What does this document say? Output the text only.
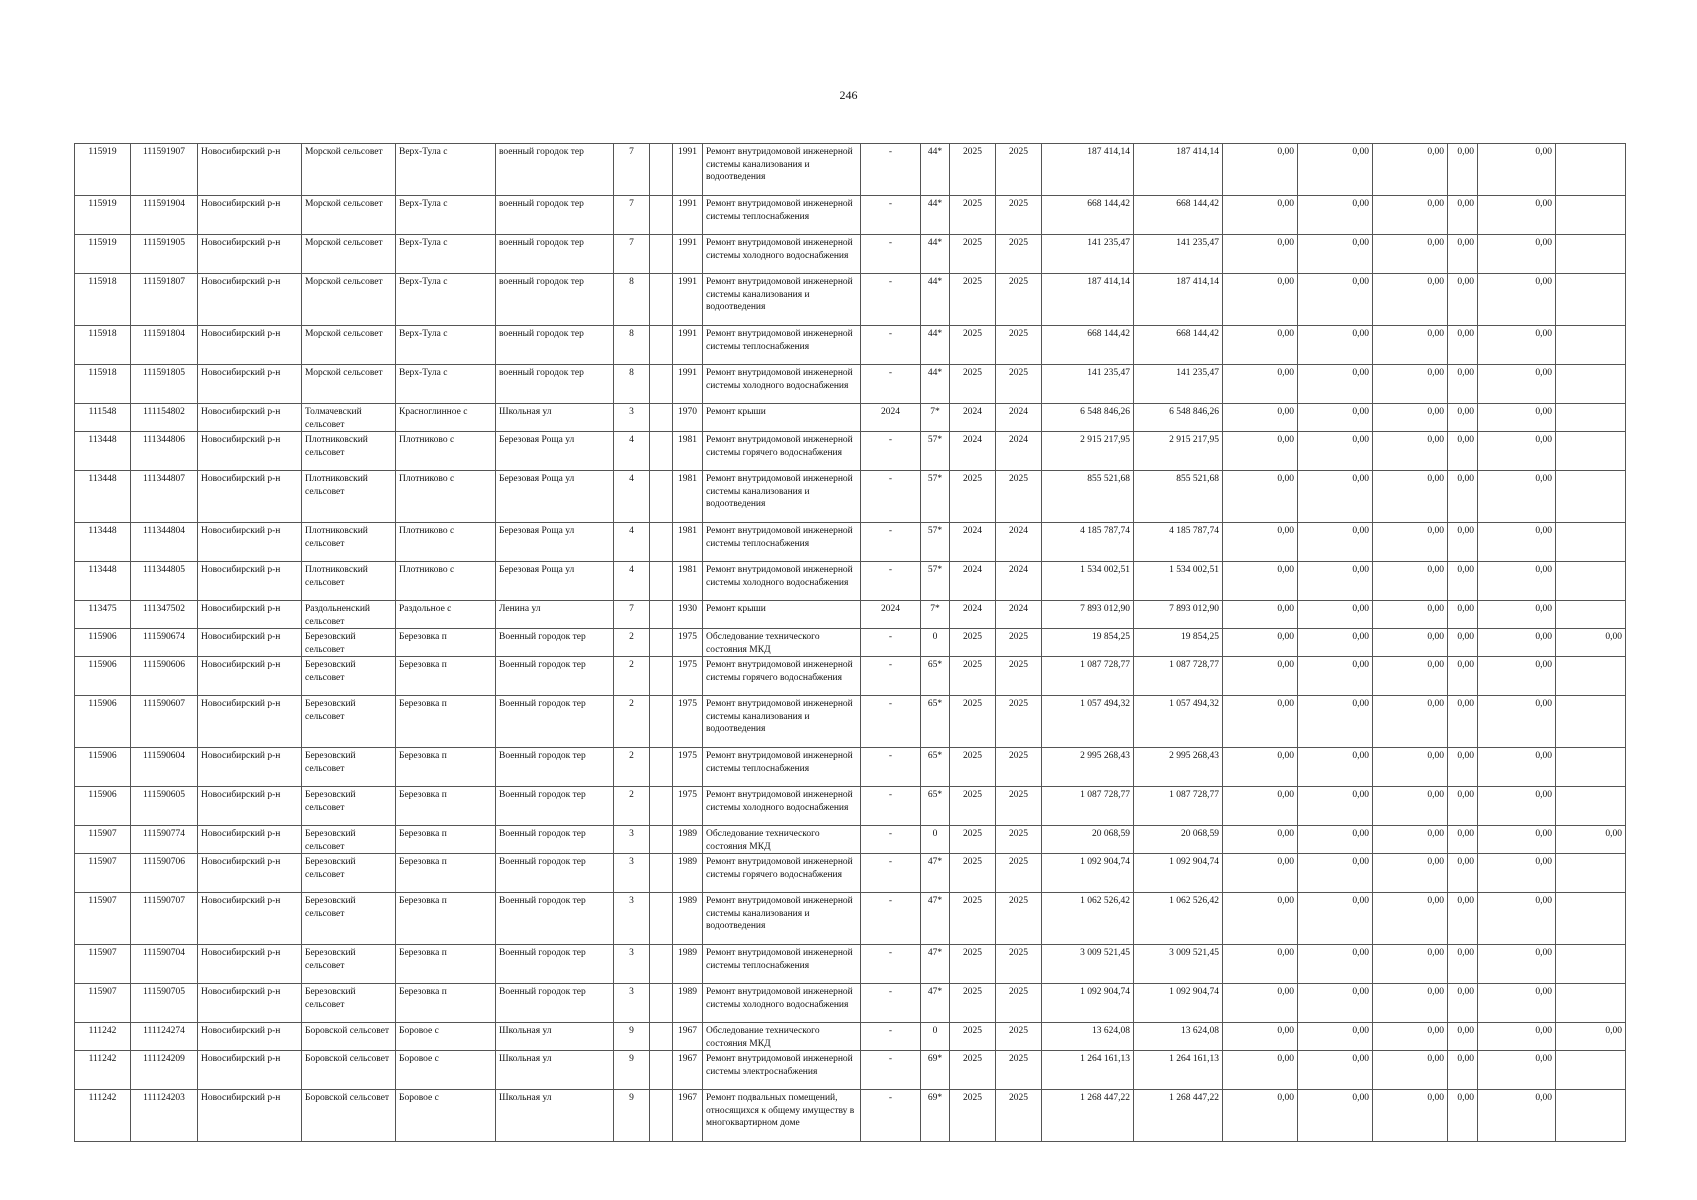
246
115919	111591907	Новосибирский р-н	Морской сельсовет	Верх-Тула с	военный городок тер	7		1991	Ремонт внутридомовой инженерной системы канализования и водоотведения	-	44*	2025	2025	187 414,14	187 414,14	0,00	0,00	0,00	0,00	0,00	
115919	111591904	Новосибирский р-н	Морской сельсовет	Верх-Тула с	военный городок тер	7		1991	Ремонт внутридомовой инженерной системы теплоснабжения	-	44*	2025	2025	668 144,42	668 144,42	0,00	0,00	0,00	0,00	0,00	
115919	111591905	Новосибирский р-н	Морской сельсовет	Верх-Тула с	военный городок тер	7		1991	Ремонт внутридомовой инженерной системы холодного водоснабжения	-	44*	2025	2025	141 235,47	141 235,47	0,00	0,00	0,00	0,00	0,00	
115918	111591807	Новосибирский р-н	Морской сельсовет	Верх-Тула с	военный городок тер	8		1991	Ремонт внутридомовой инженерной системы канализования и водоотведения	-	44*	2025	2025	187 414,14	187 414,14	0,00	0,00	0,00	0,00	0,00	
115918	111591804	Новосибирский р-н	Морской сельсовет	Верх-Тула с	военный городок тер	8		1991	Ремонт внутридомовой инженерной системы теплоснабжения	-	44*	2025	2025	668 144,42	668 144,42	0,00	0,00	0,00	0,00	0,00	
115918	111591805	Новосибирский р-н	Морской сельсовет	Верх-Тула с	военный городок тер	8		1991	Ремонт внутридомовой инженерной системы холодного водоснабжения	-	44*	2025	2025	141 235,47	141 235,47	0,00	0,00	0,00	0,00	0,00	
111548	111154802	Новосибирский р-н	Толмачевский сельсовет	Красноглинное с	Школьная ул	3		1970	Ремонт крыши	2024	7*	2024	2024	6 548 846,26	6 548 846,26	0,00	0,00	0,00	0,00	0,00	
113448	111344806	Новосибирский р-н	Плотниковский сельсовет	Плотниково с	Березовая Роща ул	4		1981	Ремонт внутридомовой инженерной системы горячего водоснабжения	-	57*	2024	2024	2 915 217,95	2 915 217,95	0,00	0,00	0,00	0,00	0,00	
113448	111344807	Новосибирский р-н	Плотниковский сельсовет	Плотниково с	Березовая Роща ул	4		1981	Ремонт внутридомовой инженерной системы канализования и водоотведения	-	57*	2025	2025	855 521,68	855 521,68	0,00	0,00	0,00	0,00	0,00	
113448	111344804	Новосибирский р-н	Плотниковский сельсовет	Плотниково с	Березовая Роща ул	4		1981	Ремонт внутридомовой инженерной системы теплоснабжения	-	57*	2024	2024	4 185 787,74	4 185 787,74	0,00	0,00	0,00	0,00	0,00	
113448	111344805	Новосибирский р-н	Плотниковский сельсовет	Плотниково с	Березовая Роща ул	4		1981	Ремонт внутридомовой инженерной системы холодного водоснабжения	-	57*	2024	2024	1 534 002,51	1 534 002,51	0,00	0,00	0,00	0,00	0,00	
113475	111347502	Новосибирский р-н	Раздольненский сельсовет	Раздольное с	Ленина ул	7		1930	Ремонт крыши	2024	7*	2024	2024	7 893 012,90	7 893 012,90	0,00	0,00	0,00	0,00	0,00	
115906	111590674	Новосибирский р-н	Березовский сельсовет	Березовка п	Военный городок тер	2		1975	Обследование технического состояния МКД	-	0	2025	2025	19 854,25	19 854,25	0,00	0,00	0,00	0,00	0,00	0,00
115906	111590606	Новосибирский р-н	Березовский сельсовет	Березовка п	Военный городок тер	2		1975	Ремонт внутридомовой инженерной системы горячего водоснабжения	-	65*	2025	2025	1 087 728,77	1 087 728,77	0,00	0,00	0,00	0,00	0,00	
115906	111590607	Новосибирский р-н	Березовский сельсовет	Березовка п	Военный городок тер	2		1975	Ремонт внутридомовой инженерной системы канализования и водоотведения	-	65*	2025	2025	1 057 494,32	1 057 494,32	0,00	0,00	0,00	0,00	0,00	
115906	111590604	Новосибирский р-н	Березовский сельсовет	Березовка п	Военный городок тер	2		1975	Ремонт внутридомовой инженерной системы теплоснабжения	-	65*	2025	2025	2 995 268,43	2 995 268,43	0,00	0,00	0,00	0,00	0,00	
115906	111590605	Новосибирский р-н	Березовский сельсовет	Березовка п	Военный городок тер	2		1975	Ремонт внутридомовой инженерной системы холодного водоснабжения	-	65*	2025	2025	1 087 728,77	1 087 728,77	0,00	0,00	0,00	0,00	0,00	
115907	111590774	Новосибирский р-н	Березовский сельсовет	Березовка п	Военный городок тер	3		1989	Обследование технического состояния МКД	-	0	2025	2025	20 068,59	20 068,59	0,00	0,00	0,00	0,00	0,00	0,00
115907	111590706	Новосибирский р-н	Березовский сельсовет	Березовка п	Военный городок тер	3		1989	Ремонт внутридомовой инженерной системы горячего водоснабжения	-	47*	2025	2025	1 092 904,74	1 092 904,74	0,00	0,00	0,00	0,00	0,00	
115907	111590707	Новосибирский р-н	Березовский сельсовет	Березовка п	Военный городок тер	3		1989	Ремонт внутридомовой инженерной системы канализования и водоотведения	-	47*	2025	2025	1 062 526,42	1 062 526,42	0,00	0,00	0,00	0,00	0,00	
115907	111590704	Новосибирский р-н	Березовский сельсовет	Березовка п	Военный городок тер	3		1989	Ремонт внутридомовой инженерной системы теплоснабжения	-	47*	2025	2025	3 009 521,45	3 009 521,45	0,00	0,00	0,00	0,00	0,00	
115907	111590705	Новосибирский р-н	Березовский сельсовет	Березовка п	Военный городок тер	3		1989	Ремонт внутридомовой инженерной системы холодного водоснабжения	-	47*	2025	2025	1 092 904,74	1 092 904,74	0,00	0,00	0,00	0,00	0,00	
111242	111124274	Новосибирский р-н	Боровской сельсовет	Боровое с	Школьная ул	9		1967	Обследование технического состояния МКД	-	0	2025	2025	13 624,08	13 624,08	0,00	0,00	0,00	0,00	0,00	0,00
111242	111124209	Новосибирский р-н	Боровской сельсовет	Боровое с	Школьная ул	9		1967	Ремонт внутридомовой инженерной системы электроснабжения	-	69*	2025	2025	1 264 161,13	1 264 161,13	0,00	0,00	0,00	0,00	0,00	
111242	111124203	Новосибирский р-н	Боровской сельсовет	Боровое с	Школьная ул	9		1967	Ремонт подвальных помещений, относящихся к общему имуществу в многоквартирном доме	-	69*	2025	2025	1 268 447,22	1 268 447,22	0,00	0,00	0,00	0,00	0,00	
